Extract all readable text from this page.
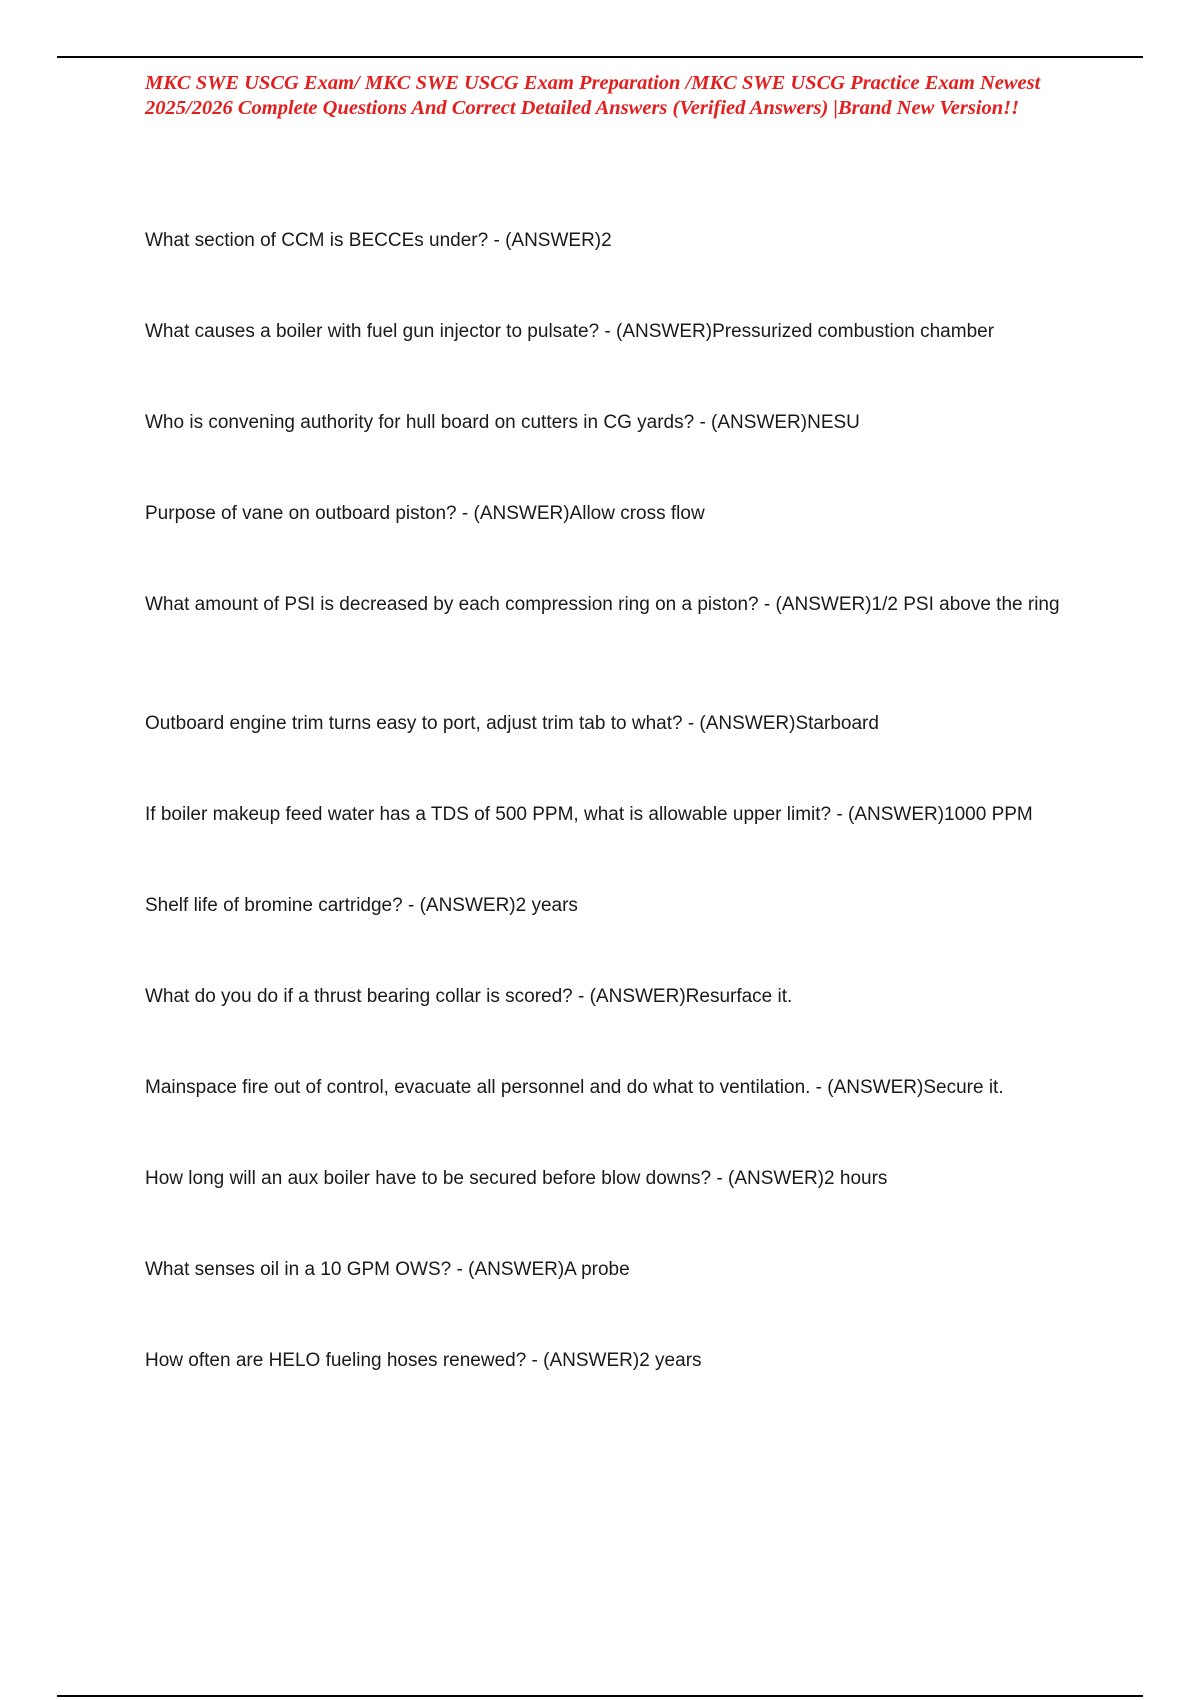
MKC SWE USCG Exam/ MKC SWE USCG Exam Preparation /MKC SWE USCG Practice Exam Newest 2025/2026 Complete Questions And Correct Detailed Answers (Verified Answers) |Brand New Version!!
What section of CCM is BECCEs under? - (ANSWER)2
What causes a boiler with fuel gun injector to pulsate? - (ANSWER)Pressurized combustion chamber
Who is convening authority for hull board on cutters in CG yards? - (ANSWER)NESU
Purpose of vane on outboard piston? - (ANSWER)Allow cross flow
What amount of PSI is decreased by each compression ring on a piston? - (ANSWER)1/2 PSI above the ring
Outboard engine trim turns easy to port, adjust trim tab to what? - (ANSWER)Starboard
If boiler makeup feed water has a TDS of 500 PPM, what is allowable upper limit? - (ANSWER)1000 PPM
Shelf life of bromine cartridge? - (ANSWER)2 years
What do you do if a thrust bearing collar is scored? - (ANSWER)Resurface it.
Mainspace fire out of control, evacuate all personnel and do what to ventilation. - (ANSWER)Secure it.
How long will an aux boiler have to be secured before blow downs? - (ANSWER)2 hours
What senses oil in a 10 GPM OWS? - (ANSWER)A probe
How often are HELO fueling hoses renewed? - (ANSWER)2 years
